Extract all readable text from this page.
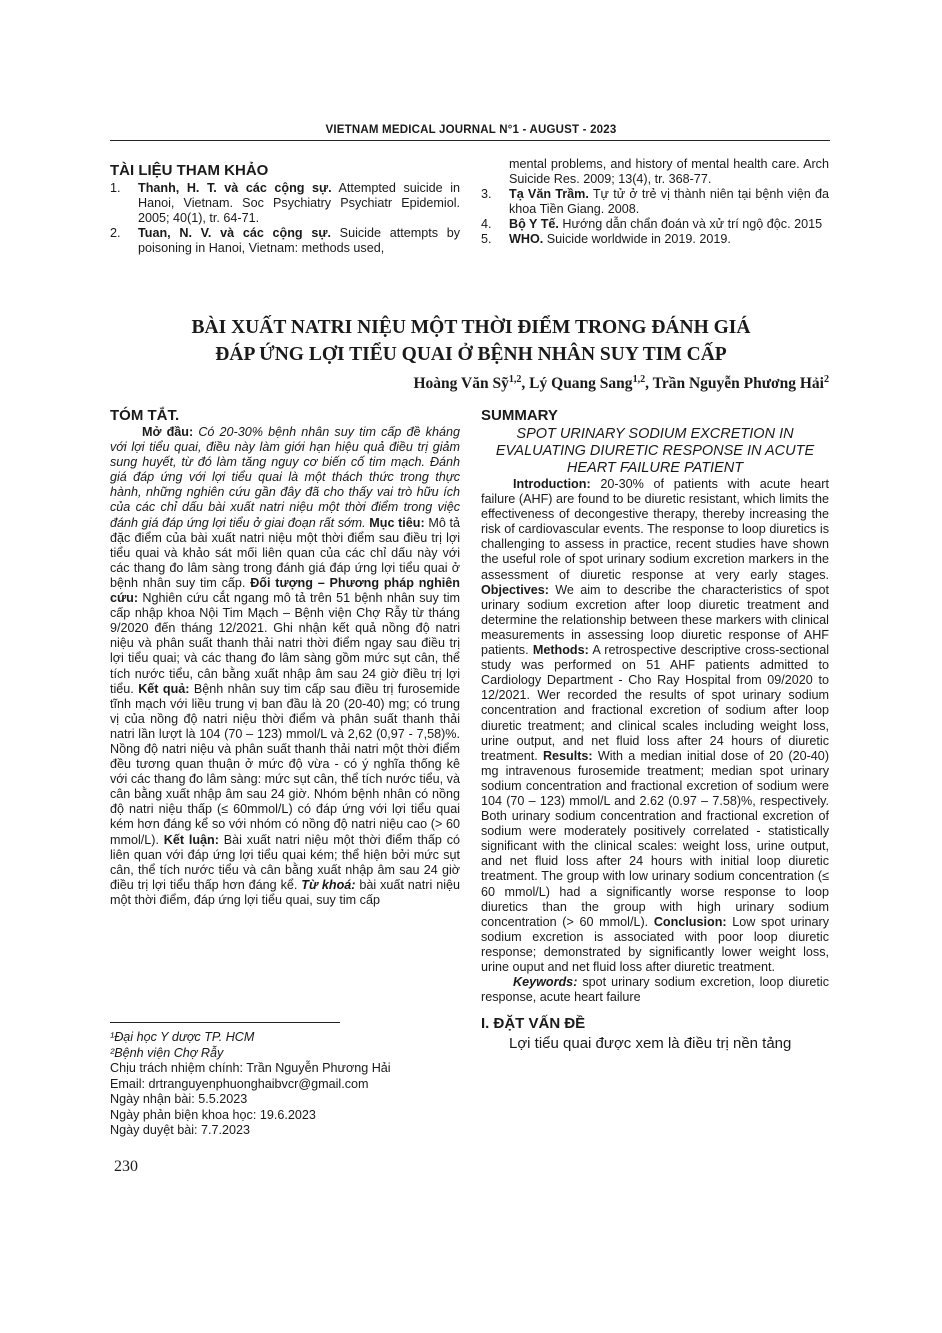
VIETNAM MEDICAL JOURNAL N°1 - AUGUST - 2023
TÀI LIỆU THAM KHẢO
1.	Thanh, H. T. và các cộng sự. Attempted suicide in Hanoi, Vietnam. Soc Psychiatry Psychiatr Epidemiol. 2005; 40(1), tr. 64-71.
2.	Tuan, N. V. và các cộng sự. Suicide attempts by poisoning in Hanoi, Vietnam: methods used,
mental problems, and history of mental health care. Arch Suicide Res. 2009; 13(4), tr. 368-77.
3.	Tạ Văn Trầm. Tự tử ở trẻ vị thành niên tại bệnh viện đa khoa Tiền Giang. 2008.
4.	Bộ Y Tế. Hướng dẫn chẩn đoán và xử trí ngộ độc. 2015
5.	WHO. Suicide worldwide in 2019. 2019.
BÀI XUẤT NATRI NIỆU MỘT THỜI ĐIỂM TRONG ĐÁNH GIÁ
ĐÁP ỨNG LỢI TIỂU QUAI Ở BỆNH NHÂN SUY TIM CẤP
Hoàng Văn Sỹ$^{1,2}$, Lý Quang Sang$^{1,2}$, Trần Nguyễn Phương Hải$^2$
TÓM TẮT.
Mở đầu: Có 20-30% bệnh nhân suy tim cấp đề kháng với lợi tiểu quai, điều này làm giới hạn hiệu quả điều trị giảm sung huyết, từ đó làm tăng nguy cơ biến cố tim mạch. Đánh giá đáp ứng với lợi tiểu quai là một thách thức trong thực hành, những nghiên cứu gần đây đã cho thấy vai trò hữu ích của các chỉ dấu bài xuất natri niệu một thời điểm trong việc đánh giá đáp ứng lợi tiểu ở giai đoạn rất sớm. Mục tiêu: Mô tả đặc điểm của bài xuất natri niệu một thời điểm sau điều trị lợi tiểu quai và khảo sát mối liên quan của các chỉ dấu này với các thang đo lâm sàng trong đánh giá đáp ứng lợi tiểu quai ở bệnh nhân suy tim cấp. Đối tượng – Phương pháp nghiên cứu: Nghiên cứu cắt ngang mô tả trên 51 bệnh nhân suy tim cấp nhập khoa Nội Tim Mạch – Bệnh viện Chợ Rẫy từ tháng 9/2020 đến tháng 12/2021. Ghi nhận kết quả nồng độ natri niệu và phân suất thanh thải natri thời điểm ngay sau điều trị lợi tiểu quai; và các thang đo lâm sàng gồm mức sụt cân, thể tích nước tiểu, cân bằng xuất nhập âm sau 24 giờ điều trị lợi tiểu. Kết quả: Bệnh nhân suy tim cấp sau điều trị furosemide tĩnh mạch với liều trung vị ban đầu là 20 (20-40) mg; có trung vị của nồng độ natri niệu thời điểm và phân suất thanh thải natri lần lượt là 104 (70 – 123) mmol/L và 2,62 (0,97 - 7,58)%. Nồng độ natri niệu và phân suất thanh thải natri một thời điểm đều tương quan thuận ở mức độ vừa - có ý nghĩa thống kê với các thang đo lâm sàng: mức sụt cân, thể tích nước tiểu, và cân bằng xuất nhập âm sau 24 giờ. Nhóm bệnh nhân có nồng độ natri niệu thấp (≤ 60mmol/L) có đáp ứng với lợi tiểu quai kém hơn đáng kể so với nhóm có nồng độ natri niệu cao (> 60 mmol/L). Kết luận: Bài xuất natri niệu một thời điểm thấp có liên quan với đáp ứng lợi tiểu quai kém; thể hiện bởi mức sụt cân, thể tích nước tiểu và cân bằng xuất nhập âm sau 24 giờ điều trị lợi tiểu thấp hơn đáng kể. Từ khoá: bài xuất natri niệu một thời điểm, đáp ứng lợi tiểu quai, suy tim cấp
¹Đại học Y dược TP. HCM
²Bệnh viện Chợ Rẫy
Chịu trách nhiệm chính: Trần Nguyễn Phương Hải
Email: drtranguyenphuonghaibvcr@gmail.com
Ngày nhận bài: 5.5.2023
Ngày phản biện khoa học: 19.6.2023
Ngày duyệt bài: 7.7.2023
230
SUMMARY
SPOT URINARY SODIUM EXCRETION IN EVALUATING DIURETIC RESPONSE IN ACUTE HEART FAILURE PATIENT
Introduction: 20-30% of patients with acute heart failure (AHF) are found to be diuretic resistant, which limits the effectiveness of decongestive therapy, thereby increasing the risk of cardiovascular events. The response to loop diuretics is challenging to assess in practice, recent studies have shown the useful role of spot urinary sodium excretion markers in the assessment of diuretic response at very early stages. Objectives: We aim to describe the characteristics of spot urinary sodium excretion after loop diuretic treatment and determine the relationship between these markers with clinical measurements in assessing loop diuretic response of AHF patients. Methods: A retrospective descriptive cross-sectional study was performed on 51 AHF patients admitted to Cardiology Department - Cho Ray Hospital from 09/2020 to 12/2021. Wer recorded the results of spot urinary sodium concentration and fractional excretion of sodium after loop diuretic treatment; and clinical scales including weight loss, urine output, and net fluid loss after 24 hours of diuretic treatment. Results: With a median initial dose of 20 (20-40) mg intravenous furosemide treatment; median spot urinary sodium concentration and fractional excretion of sodium were 104 (70 – 123) mmol/L and 2.62 (0.97 – 7.58)%, respectively. Both urinary sodium concentration and fractional excretion of sodium were moderately positively correlated - statistically significant with the clinical scales: weight loss, urine output, and net fluid loss after 24 hours with initial loop diuretic treatment. The group with low urinary sodium concentration (≤ 60 mmol/L) had a significantly worse response to loop diuretics than the group with high urinary sodium concentration (> 60 mmol/L). Conclusion: Low spot urinary sodium excretion is associated with poor loop diuretic response; demonstrated by significantly lower weight loss, urine ouput and net fluid loss after diuretic treatment.
Keywords: spot urinary sodium excretion, loop diuretic response, acute heart failure
I. ĐẶT VẤN ĐỀ
Lợi tiểu quai được xem là điều trị nền tảng
